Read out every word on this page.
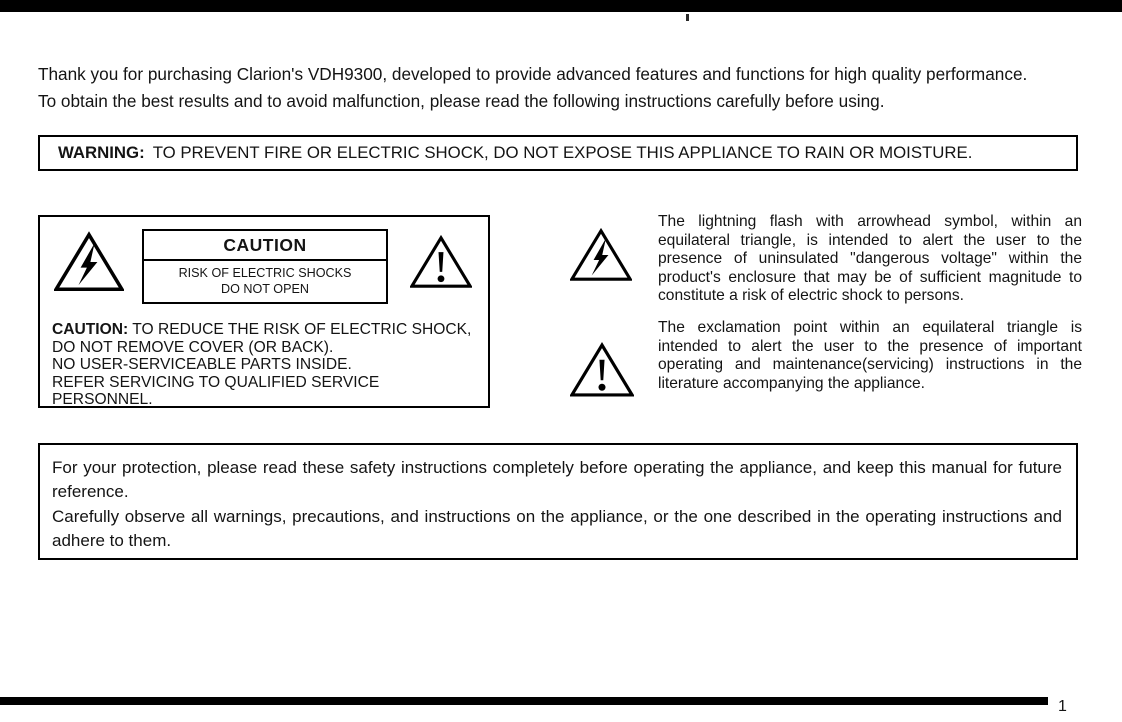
Thank you for purchasing Clarion's VDH9300, developed to provide advanced features and functions for high quality performance.
To obtain the best results and to avoid malfunction, please read the following instructions carefully before using.
WARNING: TO PREVENT FIRE OR ELECTRIC SHOCK, DO NOT EXPOSE THIS APPLIANCE TO RAIN OR MOISTURE.
CAUTION
RISK OF ELECTRIC SHOCKS
DO NOT OPEN
CAUTION: TO REDUCE THE RISK OF ELECTRIC SHOCK,
DO NOT REMOVE COVER (OR BACK).
NO USER-SERVICEABLE PARTS INSIDE.
REFER SERVICING TO QUALIFIED SERVICE PERSONNEL.
The lightning flash with arrowhead symbol, within an equilateral triangle, is intended to alert the user to the presence of uninsulated "dangerous voltage" within the product's enclosure that may be of sufficient magnitude to constitute a risk of electric shock to persons.
The exclamation point within an equilateral triangle is intended to alert the user to the presence of important operating and maintenance(servicing) instructions in the literature accompanying the appliance.

For your protection, please read these safety instructions completely before operating the appliance, and keep this manual for future reference.

Carefully observe all warnings, precautions, and instructions on the appliance, or the one described in the operating instructions and adhere to them.

1
